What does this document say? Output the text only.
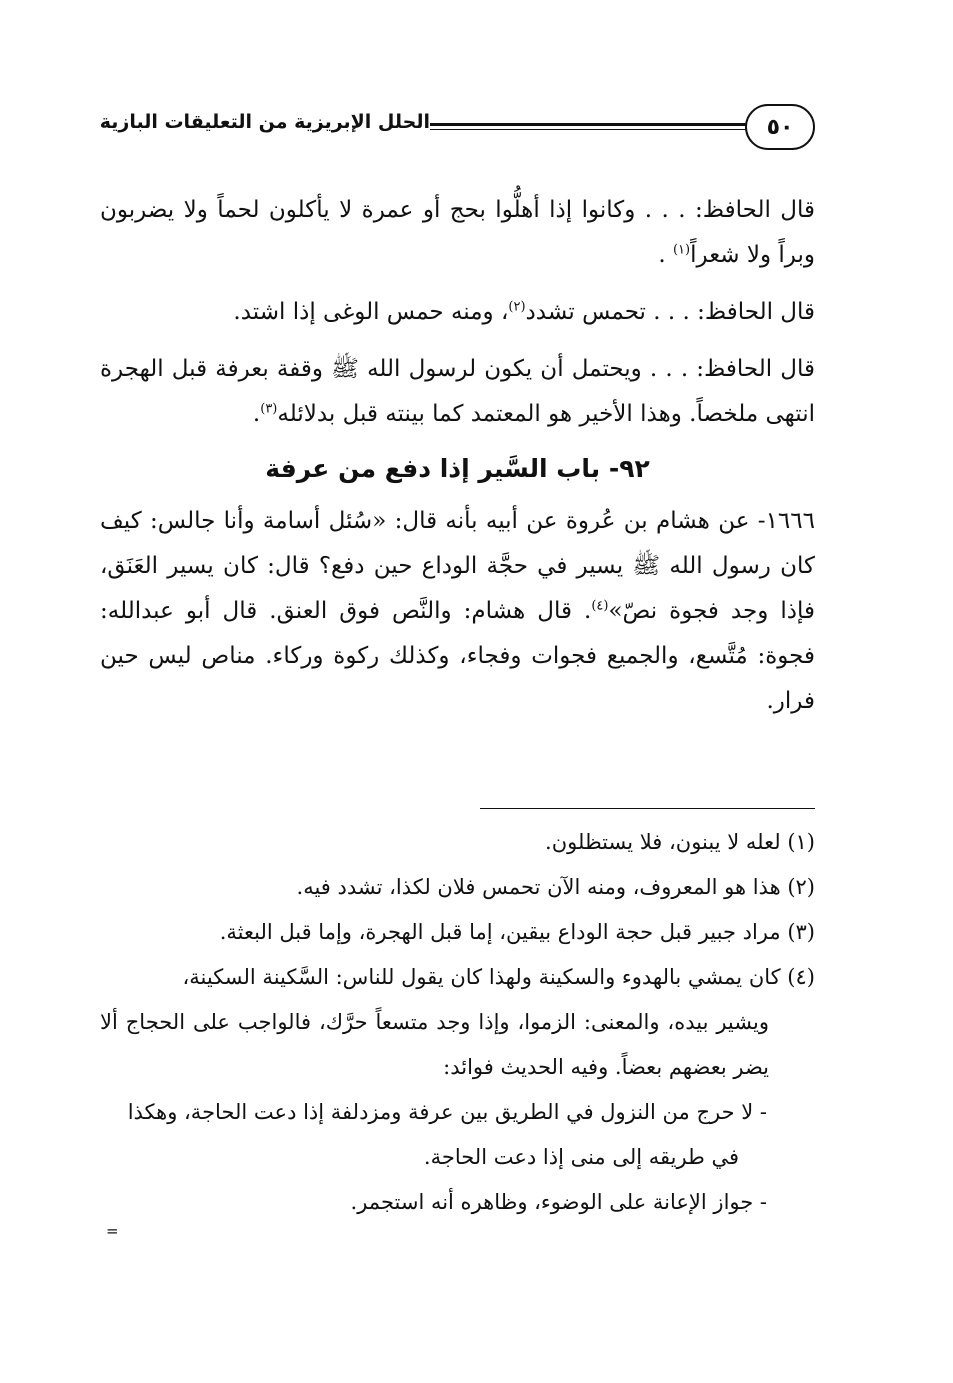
٥٠
الحلل الإبريزية من التعليقات البازية

قال الحافظ: . . . وكانوا إذا أهلُّوا بحج أو عمرة لا يأكلون لحماً ولا يضربون وبراً ولا شعراً$^{(١)}$ .

قال الحافظ: . . . تحمس تشدد$^{(٢)}$، ومنه حمس الوغى إذا اشتد.

قال الحافظ: . . . ويحتمل أن يكون لرسول الله ﷺ وقفة بعرفة قبل الهجرة انتهى ملخصاً. وهذا الأخير هو المعتمد كما بينته قبل بدلائله$^{(٣)}$.

٩٢- باب السَّير إذا دفع من عرفة

١٦٦٦- عن هشام بن عُروة عن أبيه بأنه قال: «سُئل أسامة وأنا جالس: كيف كان رسول الله ﷺ يسير في حجَّة الوداع حين دفع؟ قال: كان يسير العَنَق، فإذا وجد فجوة نصّ»$^{(٤)}$. قال هشام: والنَّص فوق العنق. قال أبو عبدالله: فجوة: مُتَّسع، والجميع فجوات وفجاء، وكذلك ركوة وركاء. مناص ليس حين فرار.

(١) لعله لا يبنون، فلا يستظلون.

(٢) هذا هو المعروف، ومنه الآن تحمس فلان لكذا، تشدد فيه.

(٣) مراد جبير قبل حجة الوداع بيقين، إما قبل الهجرة، وإما قبل البعثة.

(٤) كان يمشي بالهدوء والسكينة ولهذا كان يقول للناس: السَّكينة السكينة،

ويشير بيده، والمعنى: الزموا، وإذا وجد متسعاً حرَّك، فالواجب على الحجاج ألا يضر بعضهم بعضاً. وفيه الحديث فوائد:

- لا حرج من النزول في الطريق بين عرفة ومزدلفة إذا دعت الحاجة، وهكذا في طريقه إلى منى إذا دعت الحاجة.

- جواز الإعانة على الوضوء، وظاهره أنه استجمر.

=
